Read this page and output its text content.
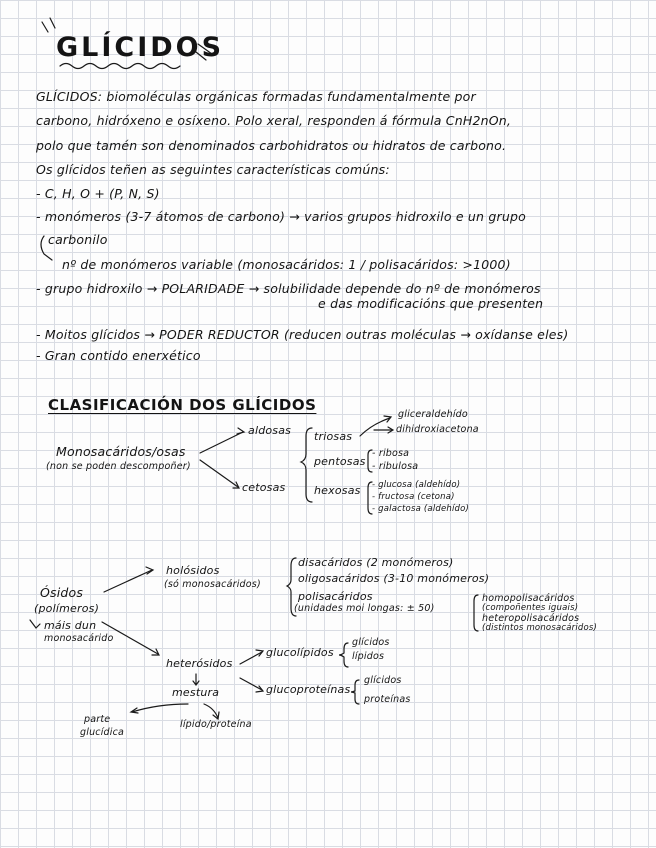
GLÍCIDOS
GLÍCIDOS: biomoléculas orgánicas formadas fundamentalmente por
carbono, hidróxeno e osíxeno. Polo xeral, responden á fórmula CnH2nOn,
polo que tamén son denominados carbohidratos ou hidratos de carbono.
Os glícidos teñen as seguintes características comúns:
- C, H, O + (P, N, S)
- monómeros (3-7 átomos de carbono) → varios grupos hidroxilo e un grupo
carbonilo
nº de monómeros variable (monosacáridos: 1 / polisacáridos: >1000)
- grupo hidroxilo → POLARIDADE → solubilidade depende do nº de monómeros
e das modificacións que presenten
- Moitos glícidos → PODER REDUCTOR (reducen outras moléculas → oxídanse eles)
- Gran contido enerxético
CLASIFICACIÓN DOS GLÍCIDOS
Monosacáridos/osas
(non se poden descompoñer)
aldosas
cetosas
triosas
pentosas
hexosas
gliceraldehído
dihidroxiacetona
- ribosa
- ribulosa
- glucosa (aldehído)
- fructosa (cetona)
- galactosa (aldehído)
Ósidos
(polímeros)
máis dun
monosacárido
holósidos
(só monosacáridos)
disacáridos (2 monómeros)
oligosacáridos (3-10 monómeros)
polisacáridos
(unidades moi longas: ± 50)
homopolisacáridos
(compoñentes iguais)
heteropolisacáridos
(distintos monosacáridos)
heterósidos
mestura
parte
glucídica
lípido/proteína
glucolípidos
glucoproteínas
glícidos
lípidos
glícidos
proteínas
